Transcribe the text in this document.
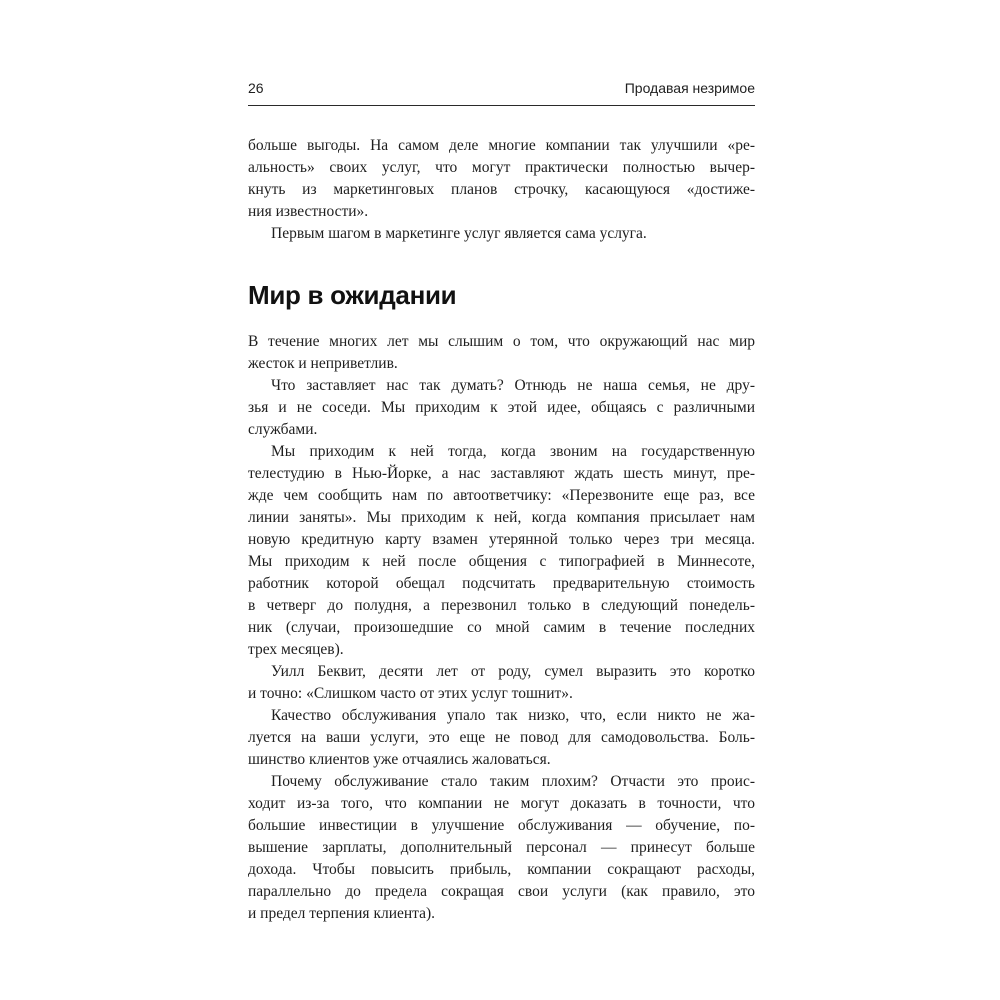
26	Продавая незримое

больше выгоды. На самом деле многие компании так улучшили «ре-
альность» своих услуг, что могут практически полностью вычер-
кнуть из маркетинговых планов строчку, касающуюся «достиже-
ния известности».

Первым шагом в маркетинге услуг является сама услуга.

Мир в ожидании

В течение многих лет мы слышим о том, что окружающий нас мир
жесток и неприветлив.

Что заставляет нас так думать? Отнюдь не наша семья, не дру-
зья и не соседи. Мы приходим к этой идее, общаясь с различными
службами.

Мы приходим к ней тогда, когда звоним на государственную
телестудию в Нью-Йорке, а нас заставляют ждать шесть минут, пре-
жде чем сообщить нам по автоответчику: «Перезвоните еще раз, все
линии заняты». Мы приходим к ней, когда компания присылает нам
новую кредитную карту взамен утерянной только через три месяца.
Мы приходим к ней после общения с типографией в Миннесоте,
работник которой обещал подсчитать предварительную стоимость
в четверг до полудня, а перезвонил только в следующий понедель-
ник (случаи, произошедшие со мной самим в течение последних
трех месяцев).

Уилл Беквит, десяти лет от роду, сумел выразить это коротко
и точно: «Слишком часто от этих услуг тошнит».

Качество обслуживания упало так низко, что, если никто не жа-
луется на ваши услуги, это еще не повод для самодовольства. Боль-
шинство клиентов уже отчаялись жаловаться.

Почему обслуживание стало таким плохим? Отчасти это проис-
ходит из-за того, что компании не могут доказать в точности, что
большие инвестиции в улучшение обслуживания — обучение, по-
вышение зарплаты, дополнительный персонал — принесут больше
дохода. Чтобы повысить прибыль, компании сокращают расходы,
параллельно до предела сокращая свои услуги (как правило, это
и предел терпения клиента).
